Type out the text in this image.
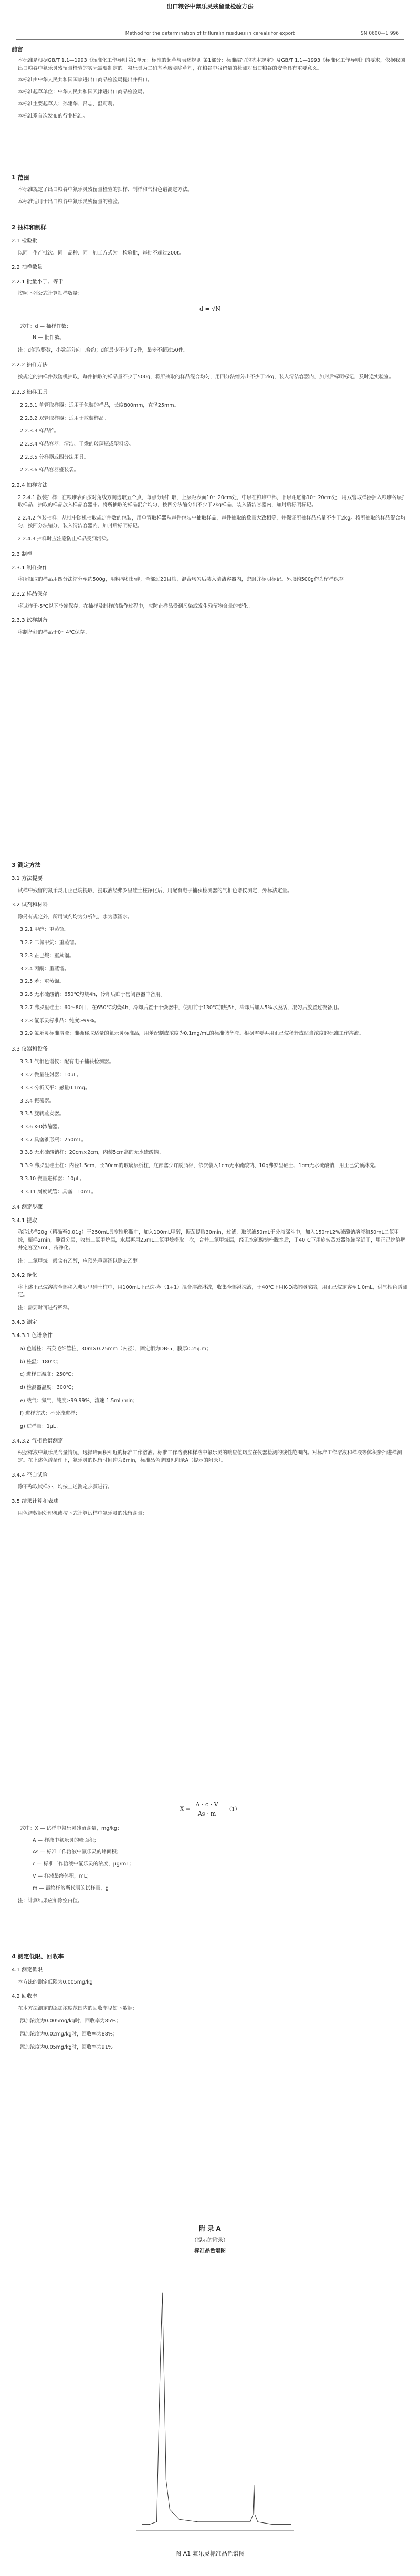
出口粮谷中氟乐灵残留量检验方法
Method for the determination of trifluralin residues in cereals for export	SN 0600—1 996

前言

本标准是根据GB/T 1.1—1993《标准化工作导则 第1单元：标准的起草与表述规则 第1部分：标准编写的基本规定》及GB/T 1.1—1993《标准化工作导则》的要求，依据我国出口粮谷中氟乐灵残留量检验的实际需要制定的。氟乐灵为二硝基苯胺类除草剂，在粮谷中残留量的检测对出口粮谷的安全具有重要意义。

本标准由中华人民共和国国家进出口商品检验局提出并归口。

本标准起草单位：中华人民共和国天津进出口商品检验局。

本标准主要起草人：孙建华、吕志、温莉莉。

本标准系首次发布的行业标准。

1 范围

本标准规定了出口粮谷中氟乐灵残留量检验的抽样、制样和气相色谱测定方法。

本标准适用于出口粮谷中氟乐灵残留量的检验。

2 抽样和制样

2.1 检验批

以同一生产批次、同一品种、同一加工方式为一检验批，每批不超过200t。

2.2 抽样数量

2.2.1 批量小于、等于

按照下列公式计算抽样数量：

d = √N

式中：d — 抽样件数；

N — 批件数。

注：d值取整数，小数部分向上修约；d值最少不少于3件，最多不超过50件。

2.2.2 抽样方法

按规定的抽样件数随机抽取，每件抽取的样品量不少于500g，将所抽取的样品混合均匀，用四分法缩分出不少于2kg，装入清洁容器内，加封后标明标记，及时送实验室。

2.2.3 抽样工具

2.2.3.1 单管取样器：适用于包装的样品，长度800mm，直径25mm。

2.2.3.2 双管取样器：适用于散装样品。

2.2.3.3 样品铲。

2.2.3.4 样品容器：清洁、干燥的玻璃瓶或塑料袋。

2.2.3.5 分样器或四分法用具。

2.2.3.6 样品容器盛装袋。

2.2.4 抽样方法

2.2.4.1 散装抽样：在粮堆表面按对角线方向选取五个点，每点分层抽取，上层距表面10～20cm处，中层在粮堆中部，下层距底部10～20cm处，用双管取样器插入粮堆各层抽取样品，抽取的样品放入样品容器中。将所抽取的样品混合均匀，按四分法缩分出不少于2kg样品，装入清洁容器内，加封后标明标记。

2.2.4.2 包装抽样：从批中随机抽取规定件数的包装，用单管取样器从每件包装中抽取样品，每件抽取的数量大致相等，并保证所抽样品总量不少于2kg。将所抽取的样品混合均匀，按四分法缩分，装入清洁容器内，加封后标明标记。

2.2.4.3 抽样时应注意防止样品受到污染。

2.3 制样

2.3.1 制样操作

将所抽取的样品用四分法缩分至约500g，用粉碎机粉碎，全部过20目筛，混合均匀后装入清洁容器内，密封并标明标记。另取约500g作为留样保存。

2.3.2 样品保存

将试样于-5℃以下冷冻保存，在抽样及制样的操作过程中，应防止样品受到污染或发生残留物含量的变化。

2.3.3 试样制备

将制备好的样品于0～4℃保存。

3 测定方法

3.1 方法提要

试样中残留的氟乐灵用正己烷提取，提取液经弗罗里硅土柱净化后，用配有电子捕获检测器的气相色谱仪测定，外标法定量。

3.2 试剂和材料

除另有规定外，所用试剂均为分析纯，水为蒸馏水。

3.2.1 甲醇：重蒸馏。

3.2.2 二氯甲烷：重蒸馏。

3.2.3 正己烷：重蒸馏。

3.2.4 丙酮：重蒸馏。

3.2.5 苯：重蒸馏。

3.2.6 无水硫酸钠：650℃灼烧4h，冷却后贮于密闭容器中备用。

3.2.7 弗罗里硅土：60～80目，在650℃灼烧4h，冷却后置于干燥器中，使用前于130℃加热5h，冷却后加入5%水脱活，混匀后放置过夜备用。

3.2.8 氟乐灵标准品：纯度≥99%。

3.2.9 氟乐灵标准溶液：准确称取适量的氟乐灵标准品，用苯配制成浓度为0.1mg/mL的标准储备液。根据需要再用正己烷稀释成适当浓度的标准工作溶液。

3.3 仪器和设备

3.3.1 气相色谱仪：配有电子捕获检测器。

3.3.2 微量注射器：10μL。

3.3.3 分析天平：感量0.1mg。

3.3.4 振荡器。

3.3.5 旋转蒸发器。

3.3.6 K-D浓缩器。

3.3.7 具塞锥形瓶：250mL。

3.3.8 无水硫酸钠柱：20cm×2cm，内装5cm高的无水硫酸钠。

3.3.9 弗罗里硅土柱：内径1.5cm，长30cm的玻璃层析柱，底部塞少许脱脂棉，依次装入1cm无水硫酸钠、10g弗罗里硅土、1cm无水硫酸钠，用正己烷预淋洗。

3.3.10 微量进样器：10μL。

3.3.11 刻度试管：具塞，10mL。

3.4 测定步骤

3.4.1 提取

称取试样20g（精确至0.01g）于250mL具塞锥形瓶中，加入100mL甲醇，振荡提取30min，过滤，取滤液50mL于分液漏斗中，加入150mL2%硫酸钠溶液和50mL二氯甲烷，振摇2min，静置分层，收集二氯甲烷层，水层再用25mL二氯甲烷提取一次，合并二氯甲烷层，经无水硫酸钠柱脱水后，于40℃下用旋转蒸发器浓缩至近干，用正己烷溶解并定容至5mL，待净化。

注：二氯甲烷一般含有乙醇，应预先重蒸馏以除去乙醇。

3.4.2 净化

将上述正己烷溶液全部移入弗罗里硅土柱中，用100mL正己烷-苯（1+1）混合溶液淋洗，收集全部淋洗液，于40℃下用K-D浓缩器浓缩，用正己烷定容至1.0mL，供气相色谱测定。

注：需要时可进行稀释。

3.4.3 测定

3.4.3.1 色谱条件

a) 色谱柱：石英毛细管柱，30m×0.25mm（内径），固定相为DB-5，膜厚0.25μm；

b) 柱温：180℃；

c) 进样口温度：250℃；

d) 检测器温度：300℃；

e) 载气：氮气，纯度≥99.99%，流速 1.5mL/min；

f) 进样方式：不分流进样；

g) 进样量：1μL。

3.4.3.2 气相色谱测定

根据样液中氟乐灵含量情况，选择峰面积相近的标准工作溶液。标准工作溶液和样液中氟乐灵的响应值均应在仪器检测的线性范围内。对标准工作溶液和样液等体积参插进样测定。在上述色谱条件下，氟乐灵的保留时间约为6min，标准品色谱图见附录A（提示的附录）。

3.4.4 空白试验

除不称取试样外，均按上述测定步骤进行。

3.5 结果计算和表述

用色谱数据处理机或按下式计算试样中氟乐灵的残留含量：

$X = \frac{A \cdot c \cdot V}{As \cdot m} (1)$

式中：X — 试样中氟乐灵残留含量，mg/kg；

A — 样液中氟乐灵的峰面积；

As — 标准工作溶液中氟乐灵的峰面积；

c — 标准工作溶液中氟乐灵的浓度，μg/mL；

V — 样液最终体积，mL；

m — 最终样液所代表的试样量，g。

注：计算结果应扣除空白值。

4 测定低限、回收率

4.1 测定低限

本方法的测定低限为0.005mg/kg。

4.2 回收率

在本方法测定的添加浓度范围内的回收率见如下数据：

添加浓度为0.005mg/kg时，回收率为85%；

添加浓度为0.02mg/kg时，回收率为88%；

添加浓度为0.05mg/kg时，回收率为91%。

附 录 A
（提示的附录）
标准品色谱图
图 A1 氟乐灵标准品色谱图
